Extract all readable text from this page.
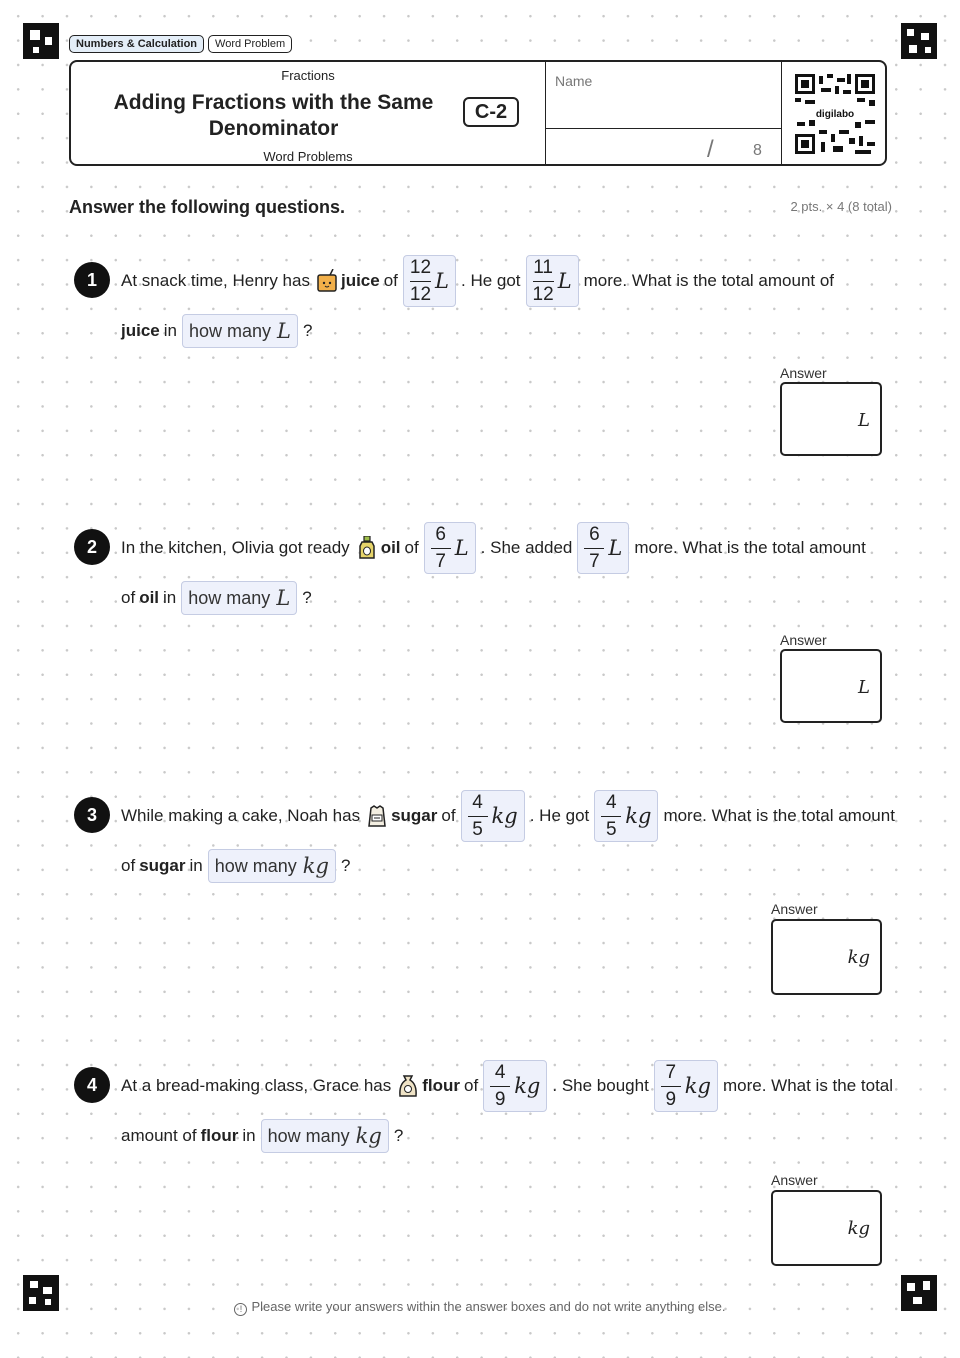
Numbers & Calculation	Word Problem
Fractions
Adding Fractions with the Same Denominator
Word Problems
C-2
Name
/ 8
digilabo
Answer the following questions.	2 pts. × 4 (8 total)
1	At snack time, Henry has juice of $\frac{12}{12}$ L . He got $\frac{11}{12}$ L more. What is the total amount of
juice in how many L ?
Answer
L
2	In the kitchen, Olivia got ready oil of $\frac{6}{7}$ L . She added $\frac{6}{7}$ L more. What is the total amount
of oil in how many L ?
Answer
L
3	While making a cake, Noah has sugar of $\frac{4}{5}$ kg . He got $\frac{4}{5}$ kg more. What is the total amount
of sugar in how many kg ?
Answer
kg
4	At a bread-making class, Grace has flour of $\frac{4}{9}$ kg . She bought $\frac{7}{9}$ kg more. What is the total
amount of flour in how many kg ?
Answer
kg
! Please write your answers within the answer boxes and do not write anything else.
